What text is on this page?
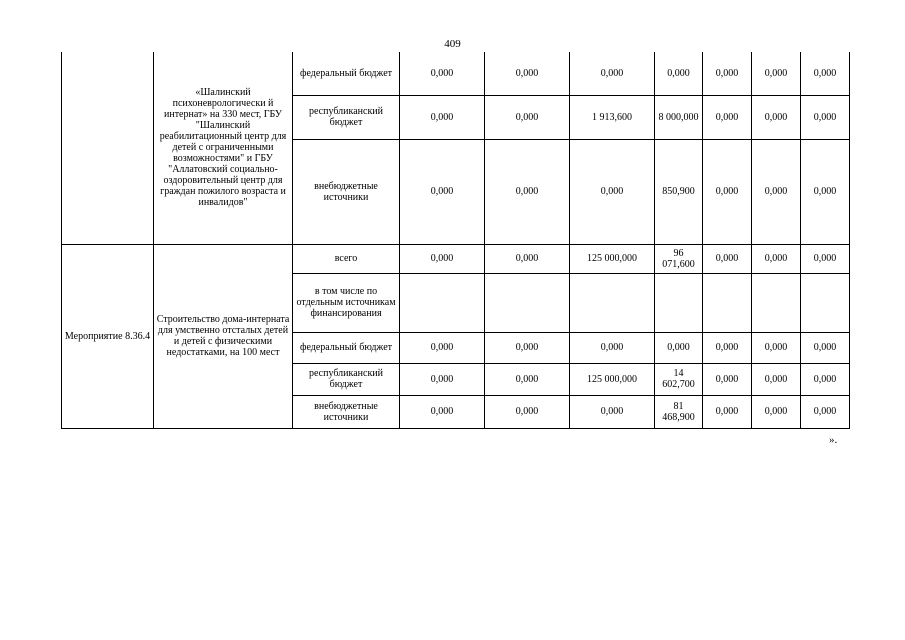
409
	«Шалинский психоневрологически й интернат» на 330 мест, ГБУ "Шалинский реабилитационный центр для детей с ограниченными возможностями" и ГБУ "Аллатовский социально-оздоровительный центр для граждан пожилого возраста и инвалидов"	федеральный бюджет	0,000	0,000	0,000	0,000	0,000	0,000	0,000
		республиканский бюджет	0,000	0,000	1 913,600	8 000,000	0,000	0,000	0,000
		внебюджетные источники	0,000	0,000	0,000	850,900	0,000	0,000	0,000
Мероприятие 8.36.4	Строительство дома-интерната для умственно отсталых детей и детей с физическими недостатками, на 100 мест	всего	0,000	0,000	125 000,000	96 071,600	0,000	0,000	0,000
		в том числе по отдельным источникам финансирования							
		федеральный бюджет	0,000	0,000	0,000	0,000	0,000	0,000	0,000
		республиканский бюджет	0,000	0,000	125 000,000	14 602,700	0,000	0,000	0,000
		внебюджетные источники	0,000	0,000	0,000	81 468,900	0,000	0,000	0,000
».
